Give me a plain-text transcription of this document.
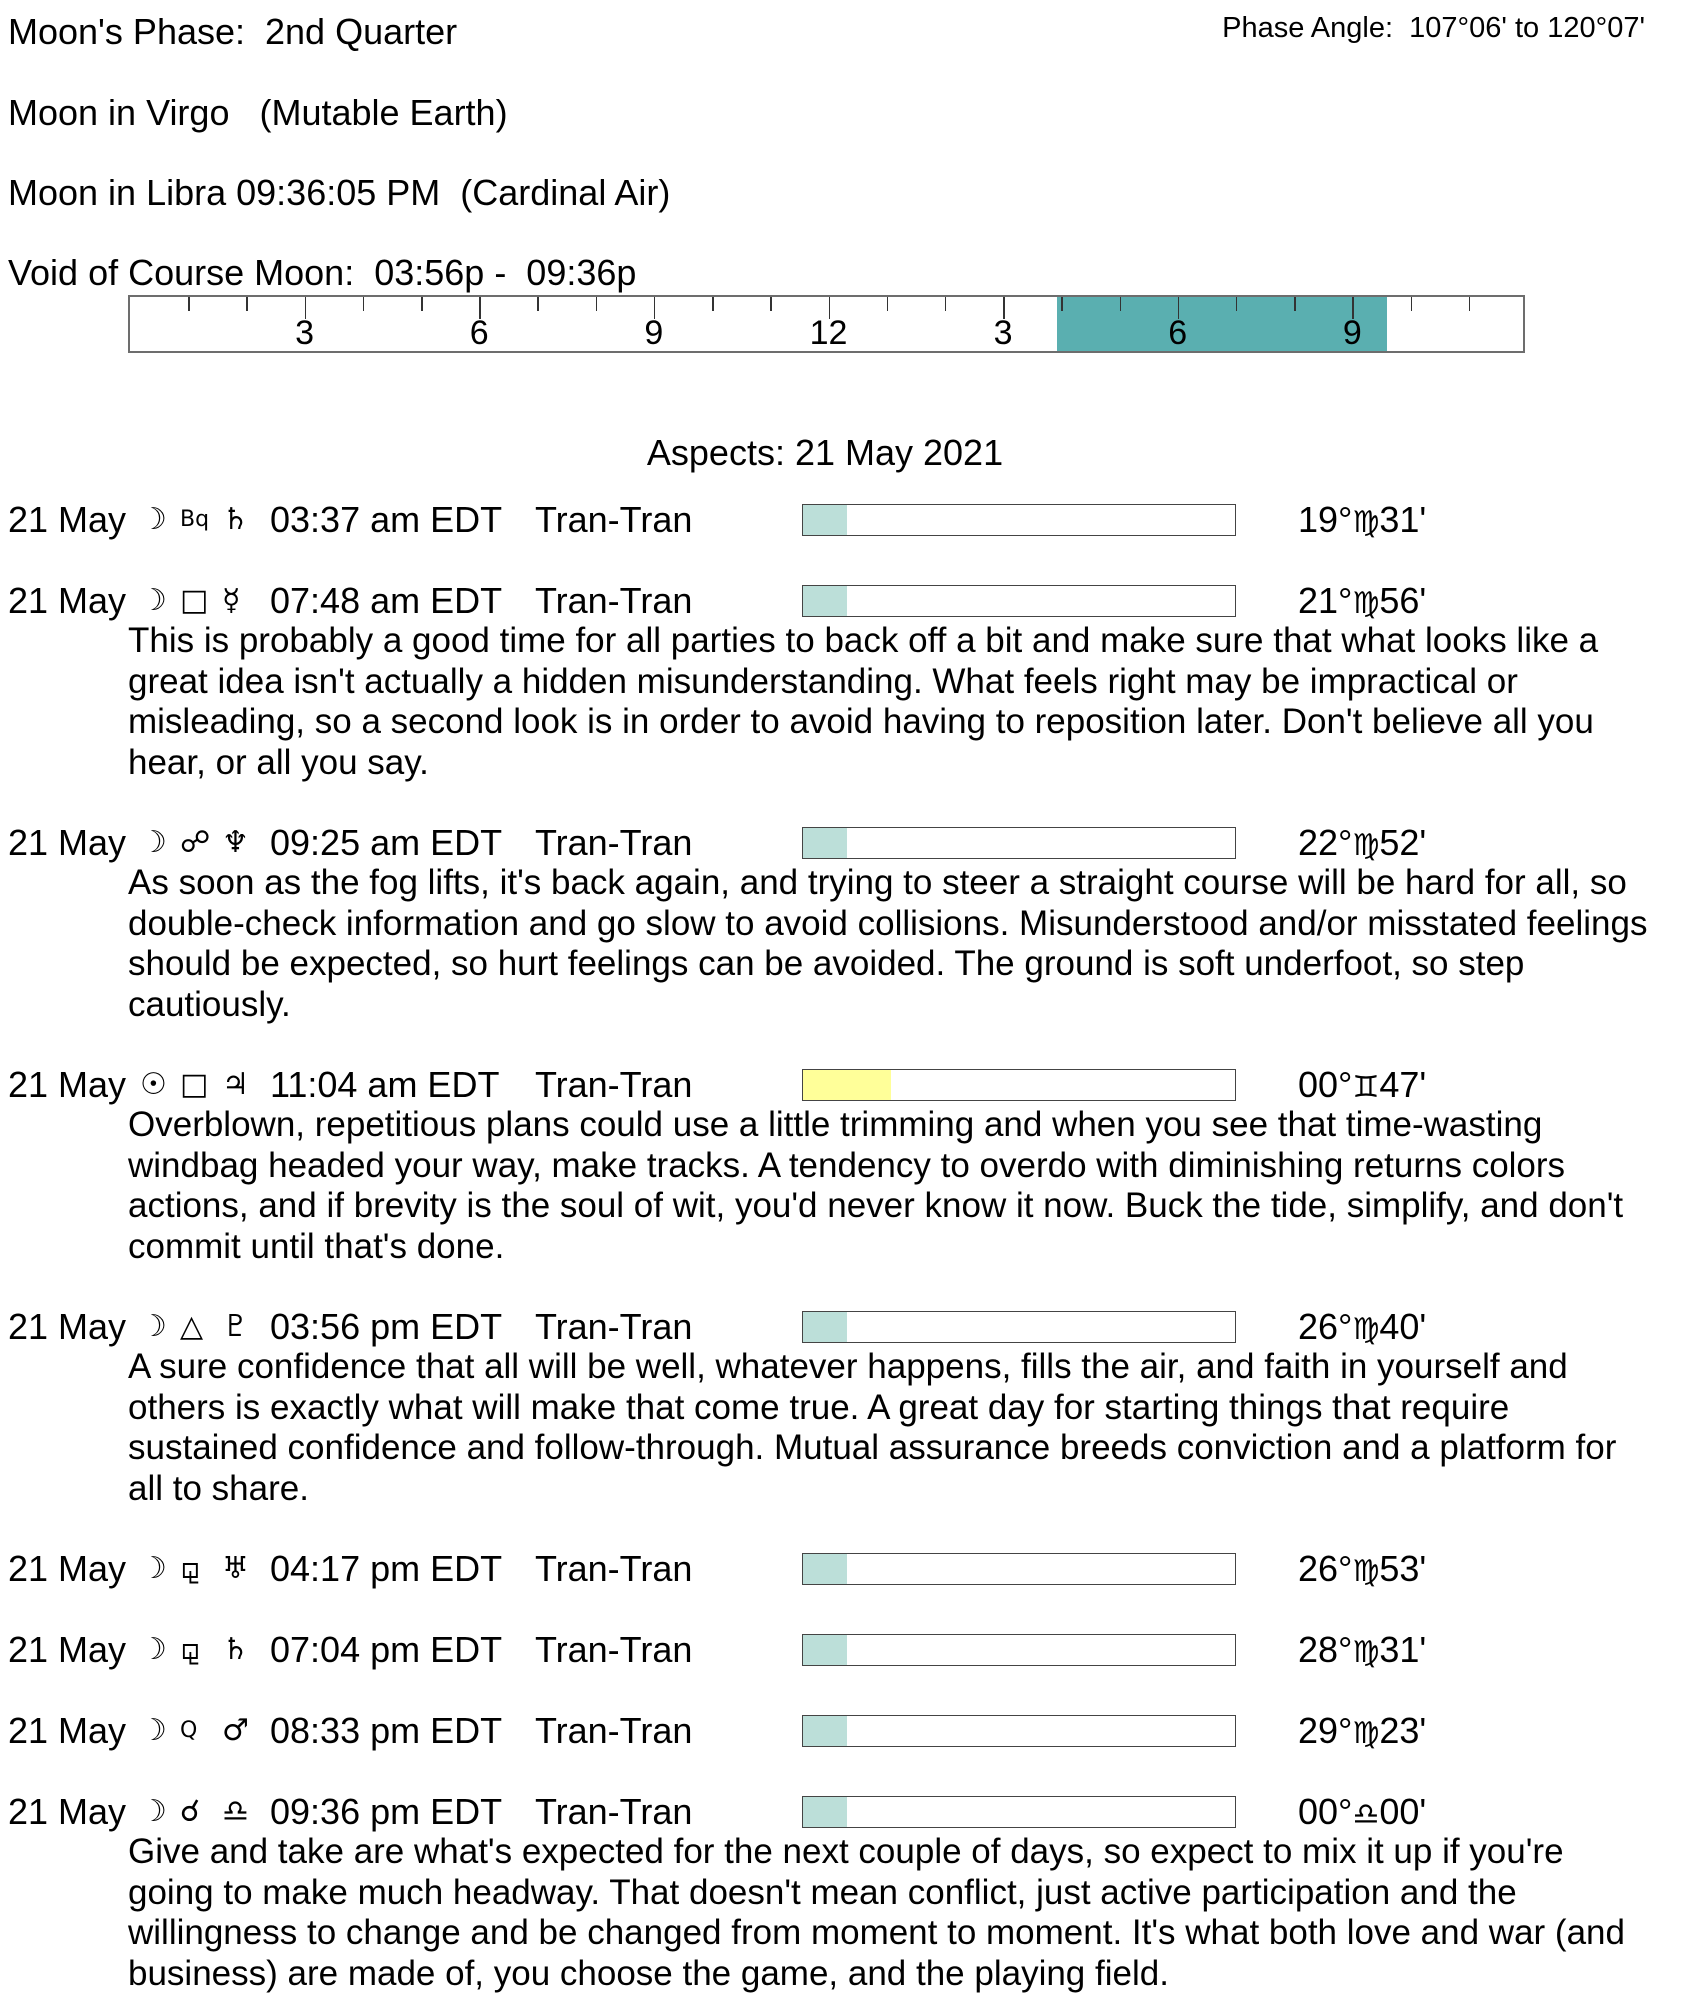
Moon's Phase:  2nd Quarter	Phase Angle:  107°06' to 120°07'
Moon in Virgo   (Mutable Earth)
Moon in Libra 09:36:05 PM  (Cardinal Air)
Void of Course Moon:  03:56p -  09:36p
3	6	9	12	3	6	9
Aspects: 21 May 2021
21 May ☽ Bq ♄ 03:37 am EDT Tran-Tran	19°♍31'
21 May ☽ □ ☿ 07:48 am EDT Tran-Tran	21°♍56'
This is probably a good time for all parties to back off a bit and make sure that what looks like a great idea isn't actually a hidden misunderstanding. What feels right may be impractical or misleading, so a second look is in order to avoid having to reposition later. Don't believe all you hear, or all you say.
21 May ☽ ☍ ♆ 09:25 am EDT Tran-Tran	22°♍52'
As soon as the fog lifts, it's back again, and trying to steer a straight course will be hard for all, so double-check information and go slow to avoid collisions. Misunderstood and/or misstated feelings should be expected, so hurt feelings can be avoided. The ground is soft underfoot, so step cautiously.
21 May ☉ □ ♃ 11:04 am EDT Tran-Tran	00°♊47'
Overblown, repetitious plans could use a little trimming and when you see that time-wasting windbag headed your way, make tracks. A tendency to overdo with diminishing returns colors actions, and if brevity is the soul of wit, you'd never know it now. Buck the tide, simplify, and don't commit until that's done.
21 May ☽ △ ♇ 03:56 pm EDT Tran-Tran	26°♍40'
A sure confidence that all will be well, whatever happens, fills the air, and faith in yourself and others is exactly what will make that come true. A great day for starting things that require sustained confidence and follow-through. Mutual assurance breeds conviction and a platform for all to share.
21 May ☽ ⚼ ♅ 04:17 pm EDT Tran-Tran	26°♍53'
21 May ☽ ⚼ ♄ 07:04 pm EDT Tran-Tran	28°♍31'
21 May ☽ Q ♂ 08:33 pm EDT Tran-Tran	29°♍23'
21 May ☽ ☌ ♎ 09:36 pm EDT Tran-Tran	00°♎00'
Give and take are what's expected for the next couple of days, so expect to mix it up if you're going to make much headway. That doesn't mean conflict, just active participation and the willingness to change and be changed from moment to moment. It's what both love and war (and business) are made of, you choose the game, and the playing field.
